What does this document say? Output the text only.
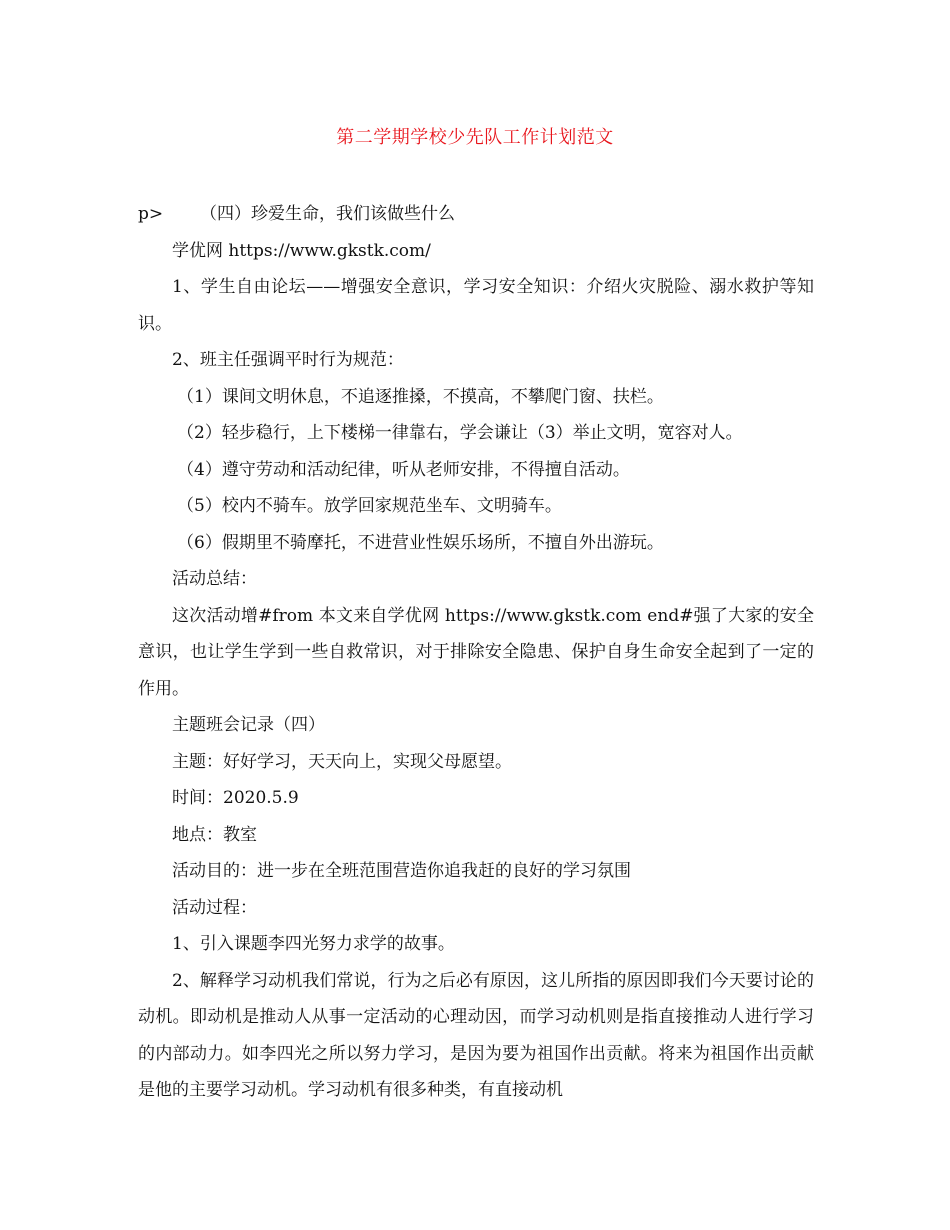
第二学期学校少先队工作计划范文

p>	（四）珍爱生命，我们该做些什么

学优网 https://www.gkstk.com/

1、学生自由论坛——增强安全意识，学习安全知识：介绍火灾脱险、溺水救护等知识。

2、班主任强调平时行为规范：

（1）课间文明休息，不追逐推搡，不摸高，不攀爬门窗、扶栏。

（2）轻步稳行，上下楼梯一律靠右，学会谦让（3）举止文明，宽容对人。

（4）遵守劳动和活动纪律，听从老师安排，不得擅自活动。

（5）校内不骑车。放学回家规范坐车、文明骑车。

（6）假期里不骑摩托，不进营业性娱乐场所，不擅自外出游玩。

活动总结：

这次活动增#from 本文来自学优网 https://www.gkstk.com end#强了大家的安全意识，也让学生学到一些自救常识，对于排除安全隐患、保护自身生命安全起到了一定的作用。

主题班会记录（四）

主题：好好学习，天天向上，实现父母愿望。

时间：2020.5.9

地点：教室

活动目的：进一步在全班范围营造你追我赶的良好的学习氛围

活动过程：

1、引入课题李四光努力求学的故事。

2、解释学习动机我们常说，行为之后必有原因，这儿所指的原因即我们今天要讨论的动机。即动机是推动人从事一定活动的心理动因，而学习动机则是指直接推动人进行学习的内部动力。如李四光之所以努力学习，是因为要为祖国作出贡献。将来为祖国作出贡献是他的主要学习动机。学习动机有很多种类，有直接动机
